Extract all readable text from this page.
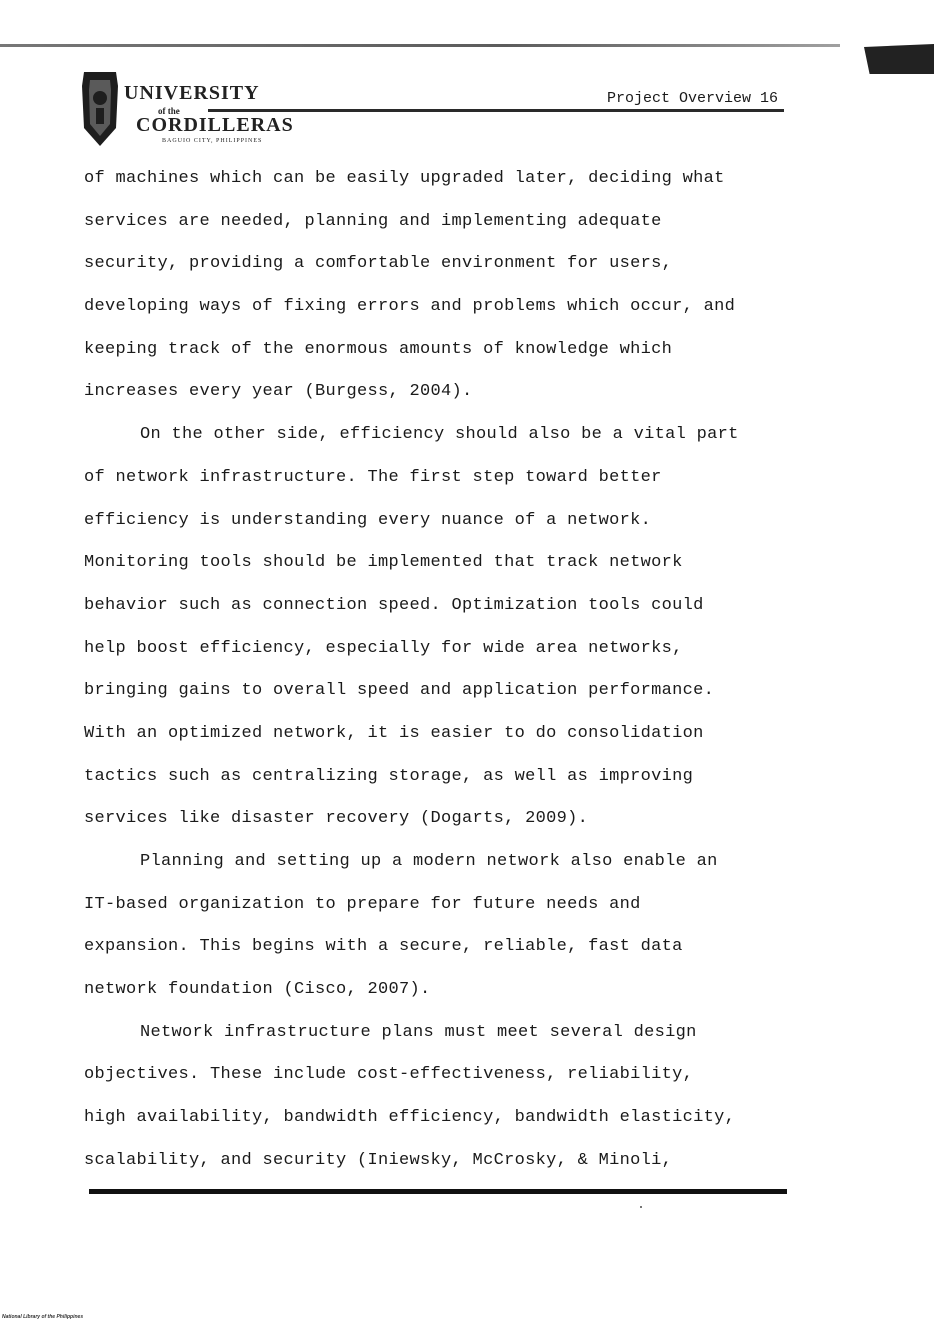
UNIVERSITY
of the
CORDILLERAS
BAGUIO CITY, PHILIPPINES
Project Overview 16
of machines which can be easily upgraded later, deciding what
services are needed, planning and implementing adequate
security, providing a comfortable environment for users,
developing ways of fixing errors and problems which occur, and
keeping track of the enormous amounts of knowledge which
increases every year (Burgess, 2004).
On the other side, efficiency should also be a vital part
of network infrastructure. The first step toward better
efficiency is understanding every nuance of a network.
Monitoring tools should be implemented that track network
behavior such as connection speed. Optimization tools could
help boost efficiency, especially for wide area networks,
bringing gains to overall speed and application performance.
With an optimized network, it is easier to do consolidation
tactics such as centralizing storage, as well as improving
services like disaster recovery (Dogarts, 2009).
Planning and setting up a modern network also enable an
IT-based organization to prepare for future needs and
expansion. This begins with a secure, reliable, fast data
network foundation (Cisco, 2007).
Network infrastructure plans must meet several design
objectives. These include cost-effectiveness, reliability,
high availability, bandwidth efficiency, bandwidth elasticity,
scalability, and security (Iniewsky, McCrosky, & Minoli,
National Library of the Philippines
